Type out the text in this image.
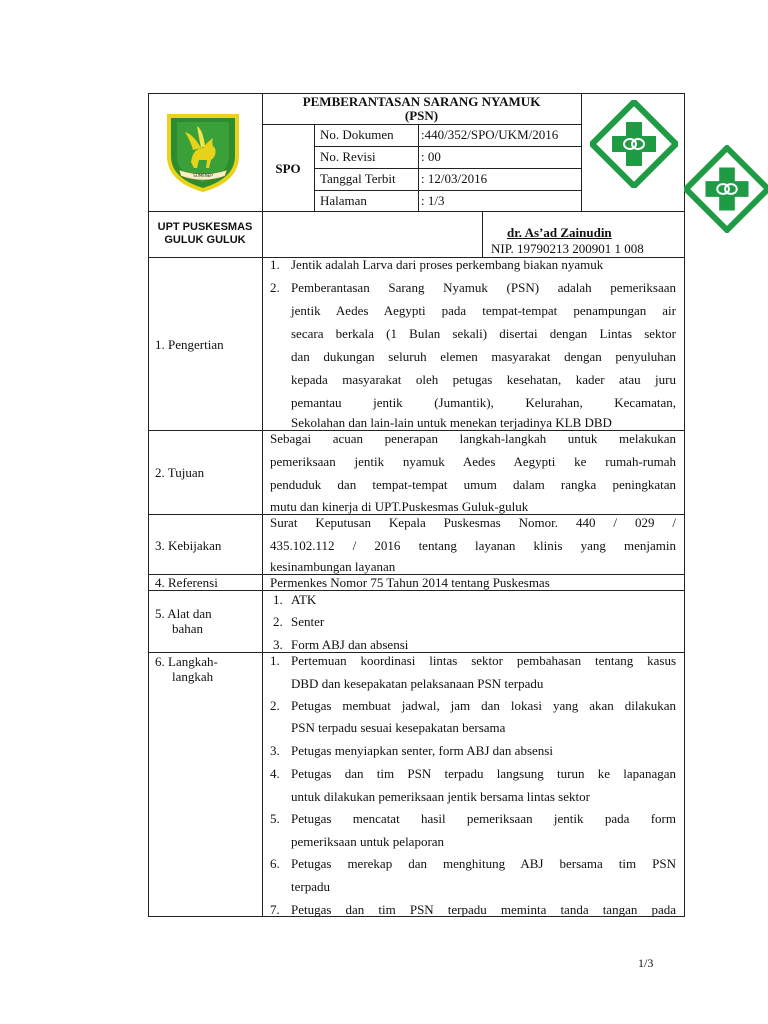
SUMENEP
PEMBERANTASAN SARANG NYAMUK
(PSN)
SPO
No. Dokumen :440/352/SPO/UKM/2016
No. Revisi	: 00
Tanggal Terbit : 12/03/2016
Halaman	: 1/3
UPT PUSKESMAS
GULUK GULUK	dr. As’ad Zainudin
NIP. 19790213 200901 1 008
1. Pengertian
1. Jentik adalah Larva dari proses perkembang biakan nyamuk
2. Pemberantasan Sarang Nyamuk (PSN) adalah pemeriksaan
jentik Aedes Aegypti pada tempat-tempat penampungan air
secara berkala (1 Bulan sekali) disertai dengan Lintas sektor
dan dukungan seluruh elemen masyarakat dengan penyuluhan
kepada masyarakat oleh petugas kesehatan, kader atau juru
pemantau jentik (Jumantik), Kelurahan, Kecamatan,
Sekolahan dan lain-lain untuk menekan terjadinya KLB DBD
2. Tujuan
Sebagai acuan penerapan langkah-langkah untuk melakukan
pemeriksaan jentik nyamuk Aedes Aegypti ke rumah-rumah
penduduk dan tempat-tempat umum dalam rangka peningkatan
mutu dan kinerja di UPT.Puskesmas Guluk-guluk
3. Kebijakan
Surat Keputusan Kepala Puskesmas Nomor. 440 / 029 /
435.102.112 / 2016 tentang layanan klinis yang menjamin
kesinambungan layanan
4. Referensi	Permenkes Nomor 75 Tahun 2014 tentang Puskesmas
5. Alat dan
bahan
1. ATK
2. Senter
3. Form ABJ dan absensi
6. Langkah-
langkah
1. Pertemuan koordinasi lintas sektor pembahasan tentang kasus
DBD dan kesepakatan pelaksanaan PSN terpadu
2. Petugas membuat jadwal, jam dan lokasi yang akan dilakukan
PSN terpadu sesuai kesepakatan bersama
3. Petugas menyiapkan senter, form ABJ dan absensi
4. Petugas dan tim PSN terpadu langsung turun ke lapanagan
untuk dilakukan pemeriksaan jentik bersama lintas sektor
5. Petugas mencatat hasil pemeriksaan jentik pada form
pemeriksaan untuk pelaporan
6. Petugas merekap dan menghitung ABJ bersama tim PSN
terpadu
7. Petugas dan tim PSN terpadu meminta tanda tangan pada
1/3
